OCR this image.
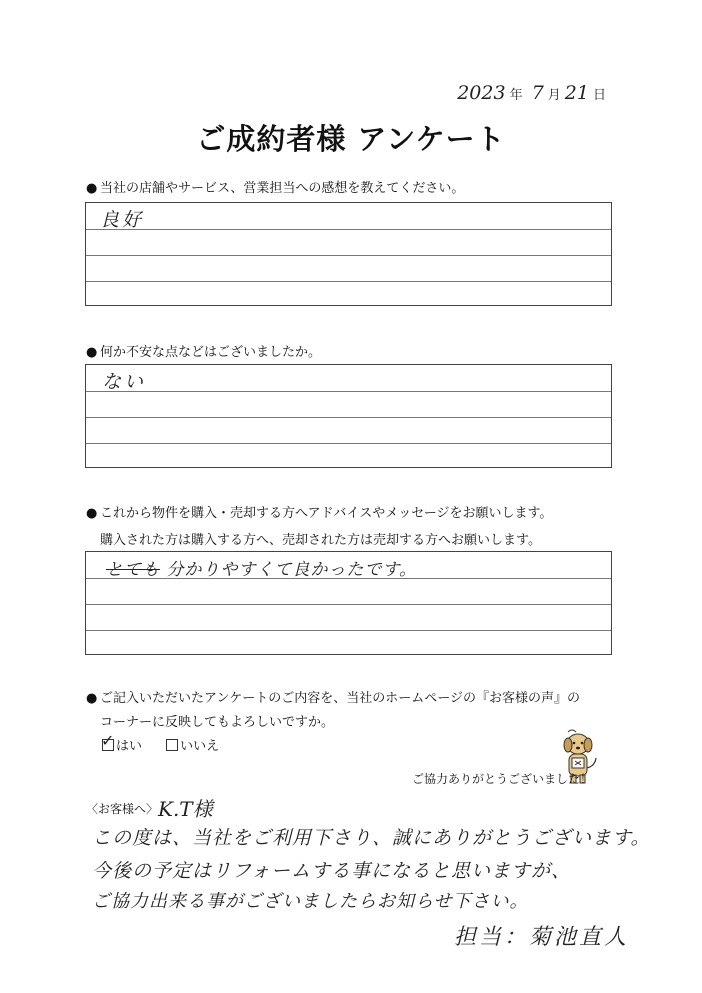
2023 年 7 月 21 日
ご成約者様 アンケート
● 当社の店舗やサービス、営業担当への感想を教えてください。
良好
● 何か不安な点などはございましたか。
ない
● これから物件を購入・売却する方へアドバイスやメッセージをお願いします。
購入された方は購入する方へ、売却された方は売却する方へお願いします。
とても 分かりやすくて良かったです。
● ご記入いただいたアンケートのご内容を、当社のホームページの『お客様の声』の
コーナーに反映してもよろしいですか。
✓はい	いいえ
ご協力ありがとうございました！
〈お客様へ〉 K.T様
この度は、当社をご利用下さり、誠にありがとうございます。
今後の予定はリフォームする事になると思いますが、
ご協力出来る事がございましたらお知らせ下さい。
担当：菊池直人
